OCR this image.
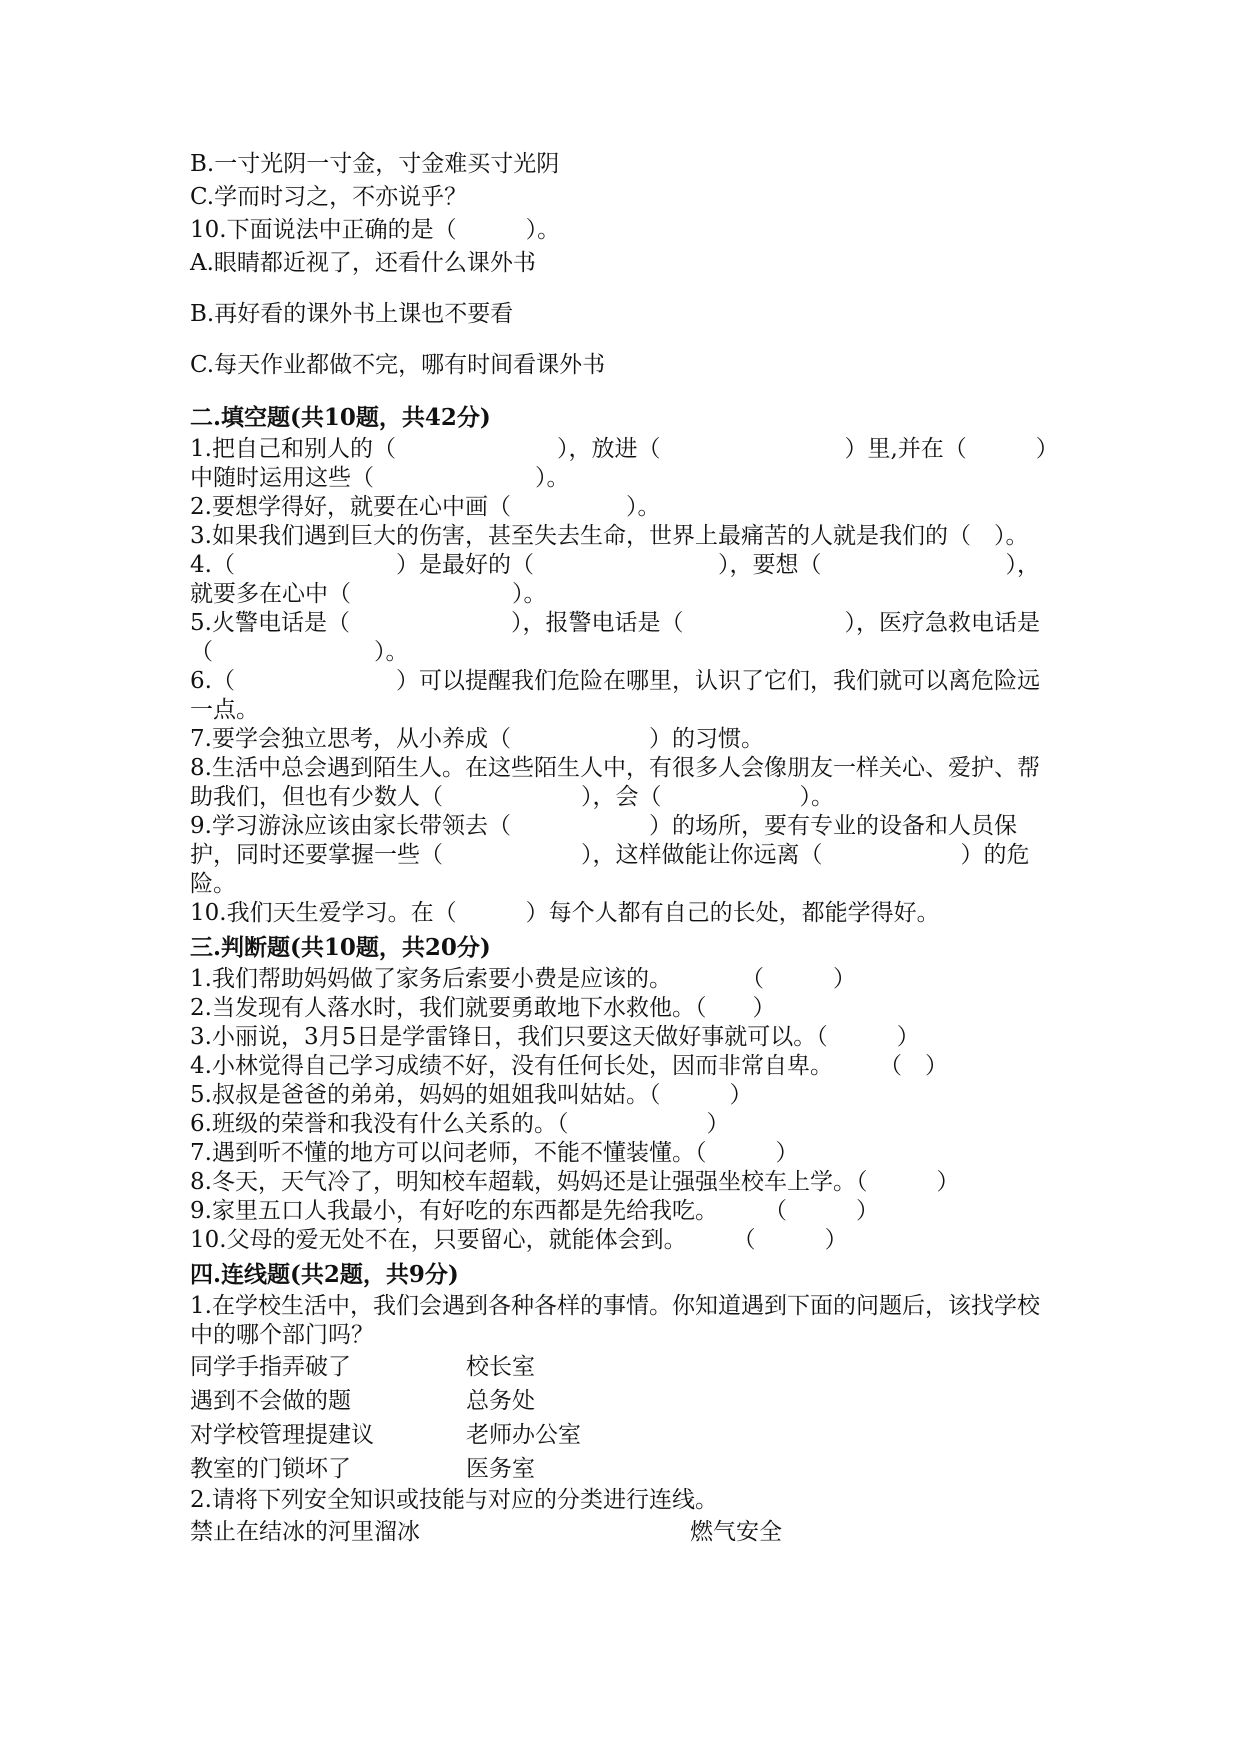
B.一寸光阴一寸金，寸金难买寸光阴
C.学而时习之，不亦说乎？
10.下面说法中正确的是（　　　）。
A.眼睛都近视了，还看什么课外书
B.再好看的课外书上课也不要看
C.每天作业都做不完，哪有时间看课外书
二.填空题(共10题，共42分)
1.把自己和别人的（　　　　　　　），放进（　　　　　　　　）里,并在（　　　）中随时运用这些（　　　　　　　）。
2.要想学得好，就要在心中画（　　　　　）。
3.如果我们遇到巨大的伤害，甚至失去生命，世界上最痛苦的人就是我们的（　）。
4.（　　　　　　　）是最好的（　　　　　　　　），要想（　　　　　　　　），就要多在心中（　　　　　　　）。
5.火警电话是（　　　　　　　），报警电话是（　　　　　　　），医疗急救电话是（　　　　　　　）。
6.（　　　　　　　）可以提醒我们危险在哪里，认识了它们，我们就可以离危险远一点。
7.要学会独立思考，从小养成（　　　　　　）的习惯。
8.生活中总会遇到陌生人。在这些陌生人中，有很多人会像朋友一样关心、爱护、帮助我们，但也有少数人（　　　　　　），会（　　　　　　）。
9.学习游泳应该由家长带领去（　　　　　　）的场所，要有专业的设备和人员保护，同时还要掌握一些（　　　　　　），这样做能让你远离（　　　　　　）的危险。
10.我们天生爱学习。在（　　　）每个人都有自己的长处，都能学得好。
三.判断题(共10题，共20分)
1.我们帮助妈妈做了家务后索要小费是应该的。　　　　（　　　）
2.当发现有人落水时，我们就要勇敢地下水救他。（　　）
3.小丽说，3月5日是学雷锋日，我们只要这天做好事就可以。（　　　）
4.小林觉得自己学习成绩不好，没有任何长处，因而非常自卑。　　　（　）
5.叔叔是爸爸的弟弟，妈妈的姐姐我叫姑姑。（　　　）
6.班级的荣誉和我没有什么关系的。（　　　　　　）
7.遇到听不懂的地方可以问老师，不能不懂装懂。（　　　）
8.冬天，天气冷了，明知校车超载，妈妈还是让强强坐校车上学。（　　　）
9.家里五口人我最小，有好吃的东西都是先给我吃。　　　（　　　）
10.父母的爱无处不在，只要留心，就能体会到。　　　（　　　）
四.连线题(共2题，共9分)
1.在学校生活中，我们会遇到各种各样的事情。你知道遇到下面的问题后，该找学校中的哪个部门吗？
同学手指弄破了	校长室
遇到不会做的题	总务处
对学校管理提建议	老师办公室
教室的门锁坏了	医务室
2.请将下列安全知识或技能与对应的分类进行连线。
禁止在结冰的河里溜冰	燃气安全
